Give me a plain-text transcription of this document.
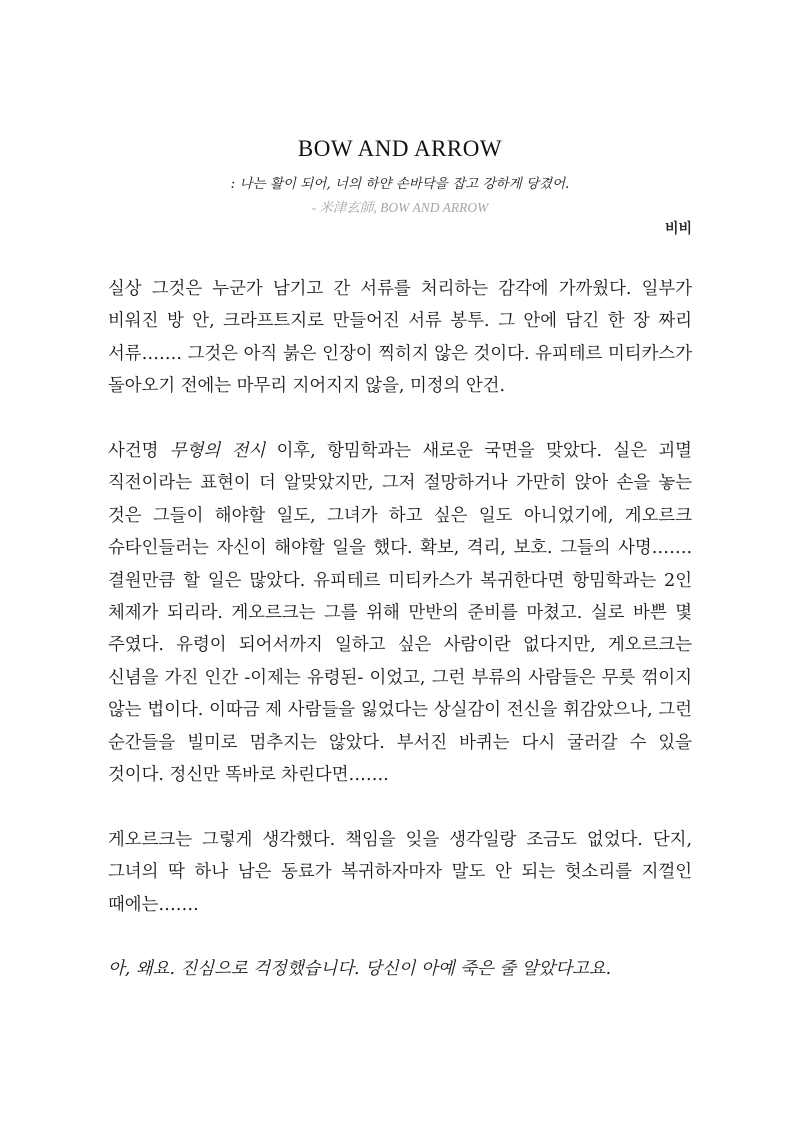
BOW AND ARROW
: 나는 활이 되어, 너의 하얀 손바닥을 잡고 강하게 당겼어.
- 米津玄師, BOW AND ARROW
비비

실상 그것은 누군가 남기고 간 서류를 처리하는 감각에 가까웠다. 일부가 비워진 방 안, 크라프트지로 만들어진 서류 봉투. 그 안에 담긴 한 장 짜리 서류……. 그것은 아직 붉은 인장이 찍히지 않은 것이다. 유피테르 미티카스가 돌아오기 전에는 마무리 지어지지 않을, 미정의 안건.

사건명 무형의 전시 이후, 항밈학과는 새로운 국면을 맞았다. 실은 괴멸 직전이라는 표현이 더 알맞았지만, 그저 절망하거나 가만히 앉아 손을 놓는 것은 그들이 해야할 일도, 그녀가 하고 싶은 일도 아니었기에, 게오르크 슈타인들러는 자신이 해야할 일을 했다. 확보, 격리, 보호. 그들의 사명……. 결원만큼 할 일은 많았다. 유피테르 미티카스가 복귀한다면 항밈학과는 2인 체제가 되리라. 게오르크는 그를 위해 만반의 준비를 마쳤고. 실로 바쁜 몇 주였다. 유령이 되어서까지 일하고 싶은 사람이란 없다지만, 게오르크는 신념을 가진 인간 -이제는 유령된- 이었고, 그런 부류의 사람들은 무릇 꺾이지 않는 법이다. 이따금 제 사람들을 잃었다는 상실감이 전신을 휘감았으나, 그런 순간들을 빌미로 멈추지는 않았다. 부서진 바퀴는 다시 굴러갈 수 있을 것이다. 정신만 똑바로 차린다면…….

게오르크는 그렇게 생각했다. 책임을 잊을 생각일랑 조금도 없었다. 단지, 그녀의 딱 하나 남은 동료가 복귀하자마자 말도 안 되는 헛소리를 지껄인 때에는…….

아, 왜요. 진심으로 걱정했습니다. 당신이 아예 죽은 줄 알았다고요.
